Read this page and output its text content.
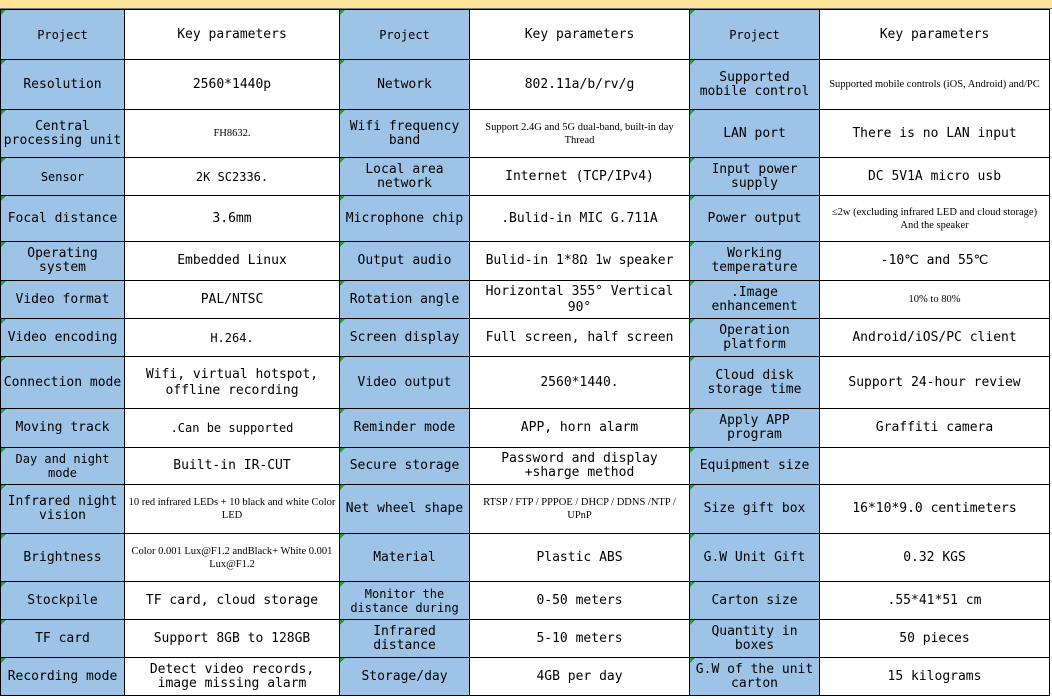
Project	Key parameters	Project	Key parameters	Project	Key parameters
Resolution	2560*1440p	Network	802.11a/b/rv/g	Supported mobile control	Supported mobile controls (iOS, Android) and/PC
Central processing unit	FH8632.	Wifi frequency band	Support 2.4G and 5G dual-band, built-in day Thread	LAN port	There is no LAN input
Sensor	2K SC2336.	Local area network	Internet (TCP/IPv4)	Input power supply	DC 5V1A micro usb
Focal distance	3.6mm	Microphone chip	.Bulid-in MIC G.711A	Power output	≤2w (excluding infrared LED and cloud storage) And the speaker
Operating system	Embedded Linux	Output audio	Bulid-in 1*8Ω 1w speaker	Working temperature	-10℃ and 55℃
Video format	PAL/NTSC	Rotation angle	Horizontal 355° Vertical 90°	.Image enhancement	10% to 80%
Video encoding	H.264.	Screen display	Full screen, half screen	Operation platform	Android/iOS/PC client
Connection mode	Wifi, virtual hotspot, offline recording	Video output	2560*1440.	Cloud disk storage time	Support 24-hour review
Moving track	.Can be supported	Reminder mode	APP, horn alarm	Apply APP program	Graffiti camera
Day and night mode	Built-in IR-CUT	Secure storage	Password and display +sharge method	Equipment size	
Infrared night vision	10 red infrared LEDs + 10 black and white Color LED	Net wheel shape	RTSP / FTP / PPPOE / DHCP / DDNS /NTP / UPnP	Size gift box	16*10*9.0 centimeters
Brightness	Color 0.001 Lux@F1.2 andBlack+ White 0.001 Lux@F1.2	Material	Plastic ABS	G.W Unit Gift	0.32 KGS
Stockpile	TF card, cloud storage	Monitor the distance during	0-50 meters	Carton size	.55*41*51 cm
TF card	Support 8GB to 128GB	Infrared distance	5-10 meters	Quantity in boxes	50 pieces
Recording mode	Detect video records, image missing alarm	Storage/day	4GB per day	G.W of the unit carton	15 kilograms
